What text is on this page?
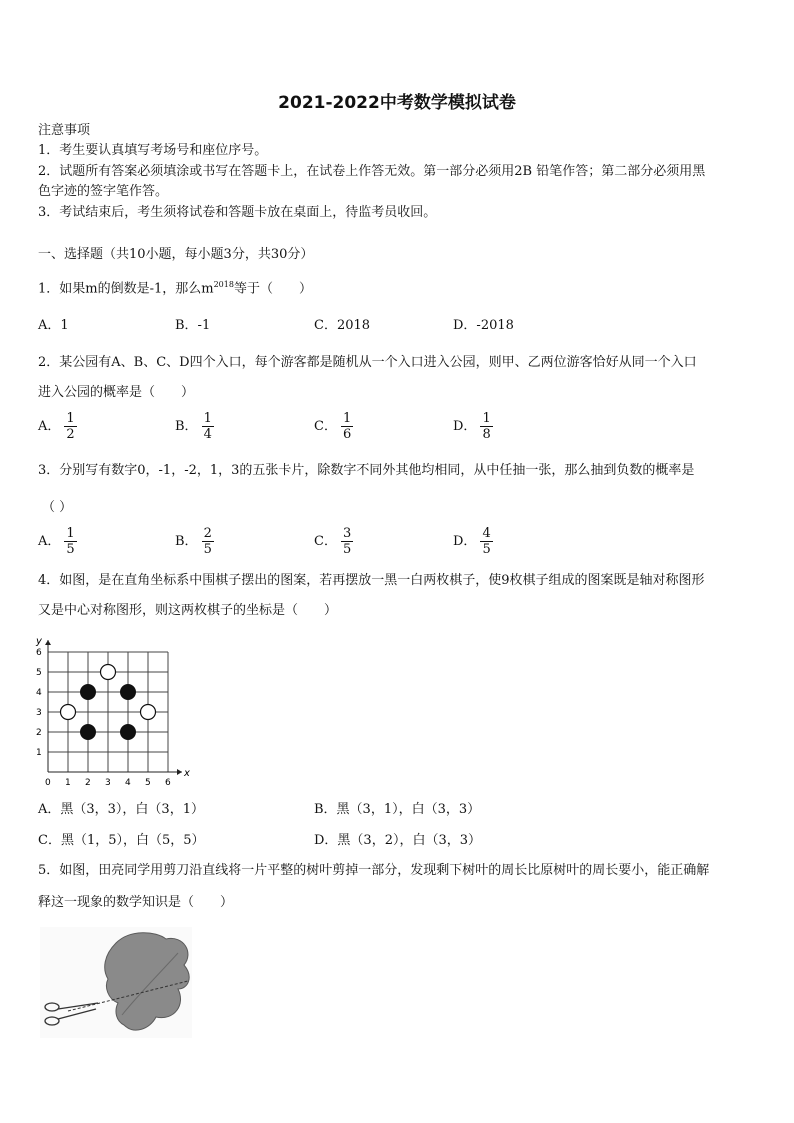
2021-2022中考数学模拟试卷
注意事项
1．考生要认真填写考场号和座位序号。
2．试题所有答案必须填涂或书写在答题卡上，在试卷上作答无效。第一部分必须用2B 铅笔作答；第二部分必须用黑
色字迹的签字笔作答。
3．考试结束后，考生须将试卷和答题卡放在桌面上，待监考员收回。
一、选择题（共10小题，每小题3分，共30分）
1．如果m的倒数是-1，那么$m^{2018}$等于（　　）
A．1	B．-1	C．2018	D．-2018
2．某公园有A、B、C、D四个入口，每个游客都是随机从一个入口进入公园，则甲、乙两位游客恰好从同一个入口
进入公园的概率是（　　）
A． $\frac{1}{2}$	B． $\frac{1}{4}$	C． $\frac{1}{6}$	D． $\frac{1}{8}$
3．分别写有数字0，-1，-2，1，3的五张卡片，除数字不同外其他均相同，从中任抽一张，那么抽到负数的概率是
（ ）
A． $\frac{1}{5}$	B． $\frac{2}{5}$	C． $\frac{3}{5}$	D． $\frac{4}{5}$
4．如图，是在直角坐标系中围棋子摆出的图案，若再摆放一黑一白两枚棋子，使9枚棋子组成的图案既是轴对称图形
又是中心对称图形，则这两枚棋子的坐标是（　　）
x
y
0 1 2 3 4 5 6
1
2
3
4
5
6
A．黑（3，3），白（3，1）	B．黑（3，1），白（3，3）
C．黑（1，5），白（5，5）	D．黑（3，2），白（3，3）
5．如图，田亮同学用剪刀沿直线将一片平整的树叶剪掉一部分，发现剩下树叶的周长比原树叶的周长要小，能正确解
释这一现象的数学知识是（　　）
